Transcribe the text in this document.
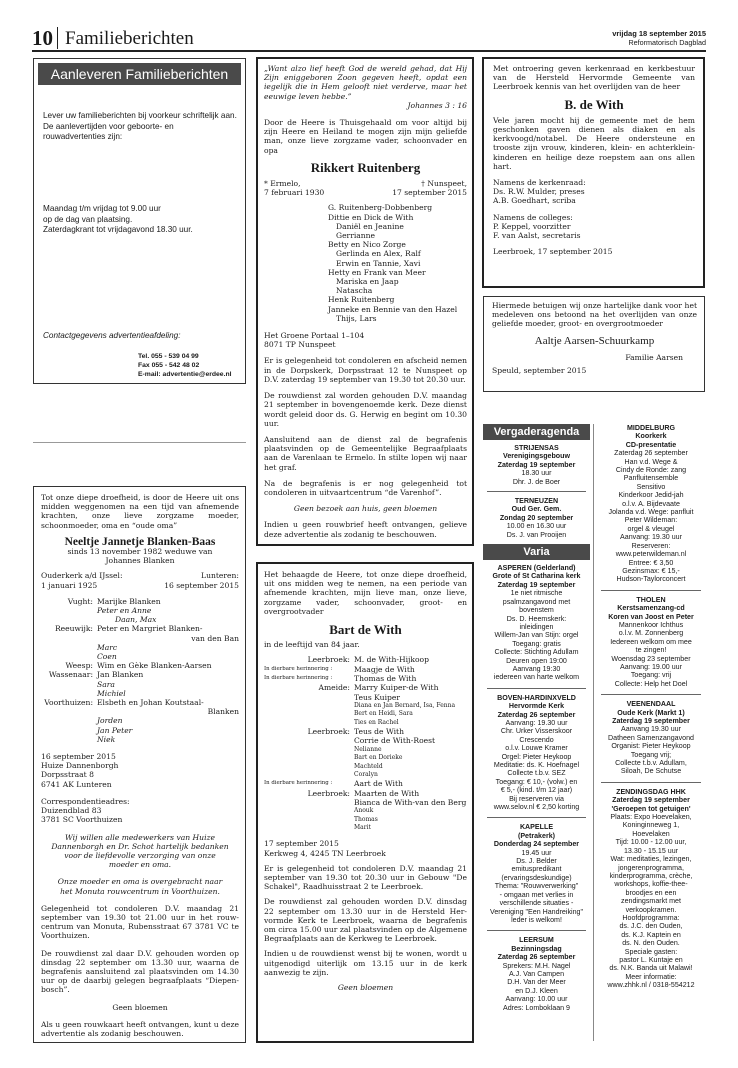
10 Familieberichten	vrijdag 18 september 2015
Reformatorisch Dagblad
Aanleveren Familieberichten
Lever uw familieberichten bij voorkeur schriftelijk aan. De aanlevertijden voor geboorte- en rouwadvertenties zijn:

Maandag t/m vrijdag tot 9.00 uur

op de dag van plaatsing.

Zaterdagkrant tot vrijdagavond 18.30 uur.

Contactgegevens advertentieafdeling:

Tel. 055 - 539 04 99

Fax 055 - 542 48 02

E-mail: advertentie@erdee.nl

Tot onze diepe droefheid, is door de Heere uit ons midden weggenomen na een tijd van afnemende krachten, onze lieve zorgzame moeder, schoonmoeder, oma en “oude oma”

Neeltje Jannetje Blanken-Baas

sinds 13 november 1982 weduwe van

Johannes Blanken

Ouderkerk a/d IJssel:

1 januari 1925

Lunteren:

16 september 2015

Vught: Marijke Blanken
Peter en Anne
Daan, Max
Reeuwijk: Peter en Margriet Blanken-
van den Ban
Marc
Coen
Weesp: Wim en Gèke Blanken-Aarsen
Wassenaar: Jan Blanken
Sara
Michiel
Voorthuizen: Elsbeth en Johan Koutstaal-
Blanken
Jorden
Jan Peter
Niek

16 september 2015

Huize Dannenborgh

Dorpsstraat 8

6741 AK Lunteren

Correspondentieadres:

Duizendblad 83

3781 SC Voorthuizen

Wij willen alle medewerkers van Huize Dannenborgh en Dr. Schot hartelijk bedanken voor de liefdevolle verzorging van onze moeder en oma.

Onze moeder en oma is overgebracht naar het Monuta rouwcentrum in Voorthuizen.

Gelegenheid tot condoleren D.V. maandag 21 september van 19.30 tot 21.00 uur in het rouw-centrum van Monuta, Rubensstraat 67 3781 VC te Voorthuizen.

De rouwdienst zal daar D.V. gehouden worden op dinsdag 22 september om 13.30 uur, waarna de begrafenis aansluitend zal plaatsvinden om 14.30 uur op de daarbij gelegen begraafplaats “Diepen-bosch”.

Geen bloemen

Als u geen rouwkaart heeft ontvangen, kunt u deze advertentie als zodanig beschouwen.

„Want alzo lief heeft God de wereld gehad, dat Hij Zijn eniggeboren Zoon gegeven heeft, opdat een iegelijk die in Hem gelooft niet verderve, maar het eeuwige leven hebbe.”

Johannes 3 : 16

Door de Heere is Thuisgehaald om voor altijd bij zijn Heere en Heiland te mogen zijn mijn geliefde man, onze lieve zorgzame vader, schoonvader en opa

Rikkert Ruitenberg

* Ermelo,

7 februari 1930

† Nunspeet,

17 september 2015

G. Ruitenberg-Dobbenberg

Dittie en Dick de With

Daniël en Jeanine

Gerrianne

Betty en Nico Zorge

Gerlinda en Alex, Ralf

Erwin en Tannie, Xavi

Hetty en Frank van Meer

Mariska en Jaap

Natascha

Henk Ruitenberg

Janneke en Bennie van den Hazel

Thijs, Lars

Het Groene Portaal 1–104

8071 TP Nunspeet

Er is gelegenheid tot condoleren en afscheid nemen in de Dorpskerk, Dorpsstraat 12 te Nunspeet op D.V. zaterdag 19 september van 19.30 tot 20.30 uur.

De rouwdienst zal worden gehouden D.V. maandag 21 september in bovengenoemde kerk. Deze dienst wordt geleid door ds. G. Herwig en begint om 10.30 uur.

Aansluitend aan de dienst zal de begrafenis plaatsvinden op de Gemeentelijke Begraafplaats aan de Varenlaan te Ermelo. In stilte lopen wij naar het graf.

Na de begrafenis is er nog gelegenheid tot condoleren in uitvaartcentrum “de Varenhof”.

Geen bezoek aan huis, geen bloemen

Indien u geen rouwbrief heeft ontvangen, gelieve deze advertentie als zodanig te beschouwen.

Het behaagde de Heere, tot onze diepe droefheid, uit ons midden weg te nemen, na een periode van afnemende krachten, mijn lieve man, onze lieve, zorgzame vader, schoonvader, groot- en overgrootvader

Bart de With

in de leeftijd van 84 jaar.

Leerbroek: M. de With-Hijkoop
In dierbare herinnering :	Maagje de With
In dierbare herinnering :	Thomas de With
Ameide: Marry Kuiper-de With
Teus Kuiper
Diana en Jan Bernard, Isa, Fenna
Bert en Heidi, Sara
Ties en Rachel
Leerbroek: Teus de With
Corrie de With-Roest
Nelianne
Bart en Dorieke
Machteld
Coralyn
In dierbare herinnering :	Aart de With
Leerbroek: Maarten de With
Bianca de With-van den Berg
Anouk
Thomas
Marit

17 september 2015

Kerkweg 4, 4245 TN Leerbroek

Er is gelegenheid tot condoleren D.V. maandag 21 september van 19.30 tot 20.30 uur in Gebouw "De Schakel", Raadhuisstraat 2 te Leerbroek.

De rouwdienst zal gehouden worden D.V. dinsdag 22 september om 13.30 uur in de Hersteld Her-vormde Kerk te Leerbroek, waarna de begrafenis om circa 15.00 uur zal plaatsvinden op de Algemene Begraafplaats aan de Kerkweg te Leerbroek.

Indien u de rouwdienst wenst bij te wonen, wordt u uitgenodigd uiterlijk om 13.15 uur in de kerk aanwezig te zijn.

Geen bloemen

Met ontroering geven kerkenraad en kerkbestuur van de Hersteld Hervormde Gemeente van Leerbroek kennis van het overlijden van de heer

B. de With

Vele jaren mocht hij de gemeente met de hem geschonken gaven dienen als diaken en als kerkvoogd/notabel. De Heere ondersteune en trooste zijn vrouw, kinderen, klein- en achterklein-kinderen en heilige deze roepstem aan ons allen hart.

Namens de kerkenraad:

Ds. R.W. Mulder, preses

A.B. Goedhart, scriba

Namens de colleges:

P. Keppel, voorzitter

F. van Aalst, secretaris

Leerbroek, 17 september 2015

Hiermede betuigen wij onze hartelijke dank voor het medeleven ons betoond na het overlijden van onze geliefde moeder, groot- en overgrootmoeder

Aaltje Aarsen-Schuurkamp

Familie Aarsen

Speuld, september 2015

Vergaderagenda

STRIJENSAS

Verenigingsgebouw

Zaterdag 19 september

18.30 uur

Dhr. J. de Boer

TERNEUZEN

Oud Ger. Gem.

Zondag 20 september

10.00 en 16.30 uur

Ds. J. van Prooijen

Varia

ASPEREN (Gelderland)

Grote of St Catharina kerk

Zaterdag 19 september

1e niet ritmische

psalmzangavond met

bovenstem

Ds. D. Heemskerk:

inleidingen

Willem-Jan van Stijn: orgel

Toegang: gratis

Collecte: Stichting Adullam

Deuren open 19:00

Aanvang 19:30

iedereen van harte welkom

BOVEN-HARDINXVELD

Hervormde Kerk

Zaterdag 26 september

Aanvang: 19.30 uur

Chr. Urker Visserskoor

Crescendo

o.l.v. Louwe Kramer

Orgel: Pieter Heykoop

Meditatie: ds. K. Hoefnagel

Collecte t.b.v. SEZ

Toegang: € 10,- (volw.) en

€ 5,- (kind. t/m 12 jaar)

Bij reserveren via

www.selov.nl € 2,50 korting

KAPELLE

(Petrakerk)

Donderdag 24 september

19.45 uur

Ds. J. Belder

emituspredikant

(ervaringsdeskundige)

Thema: "Rouwverwerking"

- omgaan met verlies in

verschillende situaties -

Vereniging "Een Handreiking"

leder is welkom!

LEERSUM

Bezinningsdag

Zaterdag 26 september

Sprekers: M.H. Nagel

A.J. Van Campen

D.H. Van der Meer

en D.J. Kleen

Aanvang: 10.00 uur

Adres: Lomboklaan 9

MIDDELBURG

Koorkerk

CD-presentatie

Zaterdag 26 september

Han v.d. Wege &

Cindy de Ronde: zang

Panfluitensemble

Sensitivo

Kinderkoor Jedid-jah

o.l.v. A. Bijdevaate

Jolanda v.d. Wege: panfluit

Peter Wildeman:

orgel & vleugel

Aanvang: 19.30 uur

Reserveren:

www.peterwildeman.nl

Entree: € 3,50

Gezinsmax: € 15,-

Hudson-Taylorconcert

THOLEN

Kerstsamenzang-cd

Koren van Joost en Peter

Mannenkoor Ichthus

o.l.v. M. Zonnenberg

Iedereen welkom om mee

te zingen!

Woensdag 23 september

Aanvang: 19.00 uur

Toegang: vrij

Collecte: Help het Doel

VEENENDAAL

Oude Kerk (Markt 1)

Zaterdag 19 september

Aanvang 19.30 uur

Datheen Samenzangavond

Organist: Pieter Heykoop

Toegang vrij;

Collecte t.b.v. Adullam,

Siloah, De Schutse

ZENDINGSDAG HHK

Zaterdag 19 september

'Geroepen tot getuigen'

Plaats: Expo Hoevelaken,

Koninginneweg 1,

Hoevelaken

Tijd: 10.00 - 12.00 uur,

13.30 - 15.15 uur

Wat: meditaties, lezingen,

jongerenprogramma,

kinderprogramma, crèche,

workshops, koffie-thee-

broodjes en een

zendingsmarkt met

verkoopkramen.

Hoofdprogramma:

ds. J.C. den Ouden,

ds. K.J. Kaptein en

ds. N. den Ouden.

Speciale gasten:

pastor L. Kuntaje en

ds. N.K. Banda uit Malawi!

Meer informatie:

www.zhhk.nl / 0318-554212
